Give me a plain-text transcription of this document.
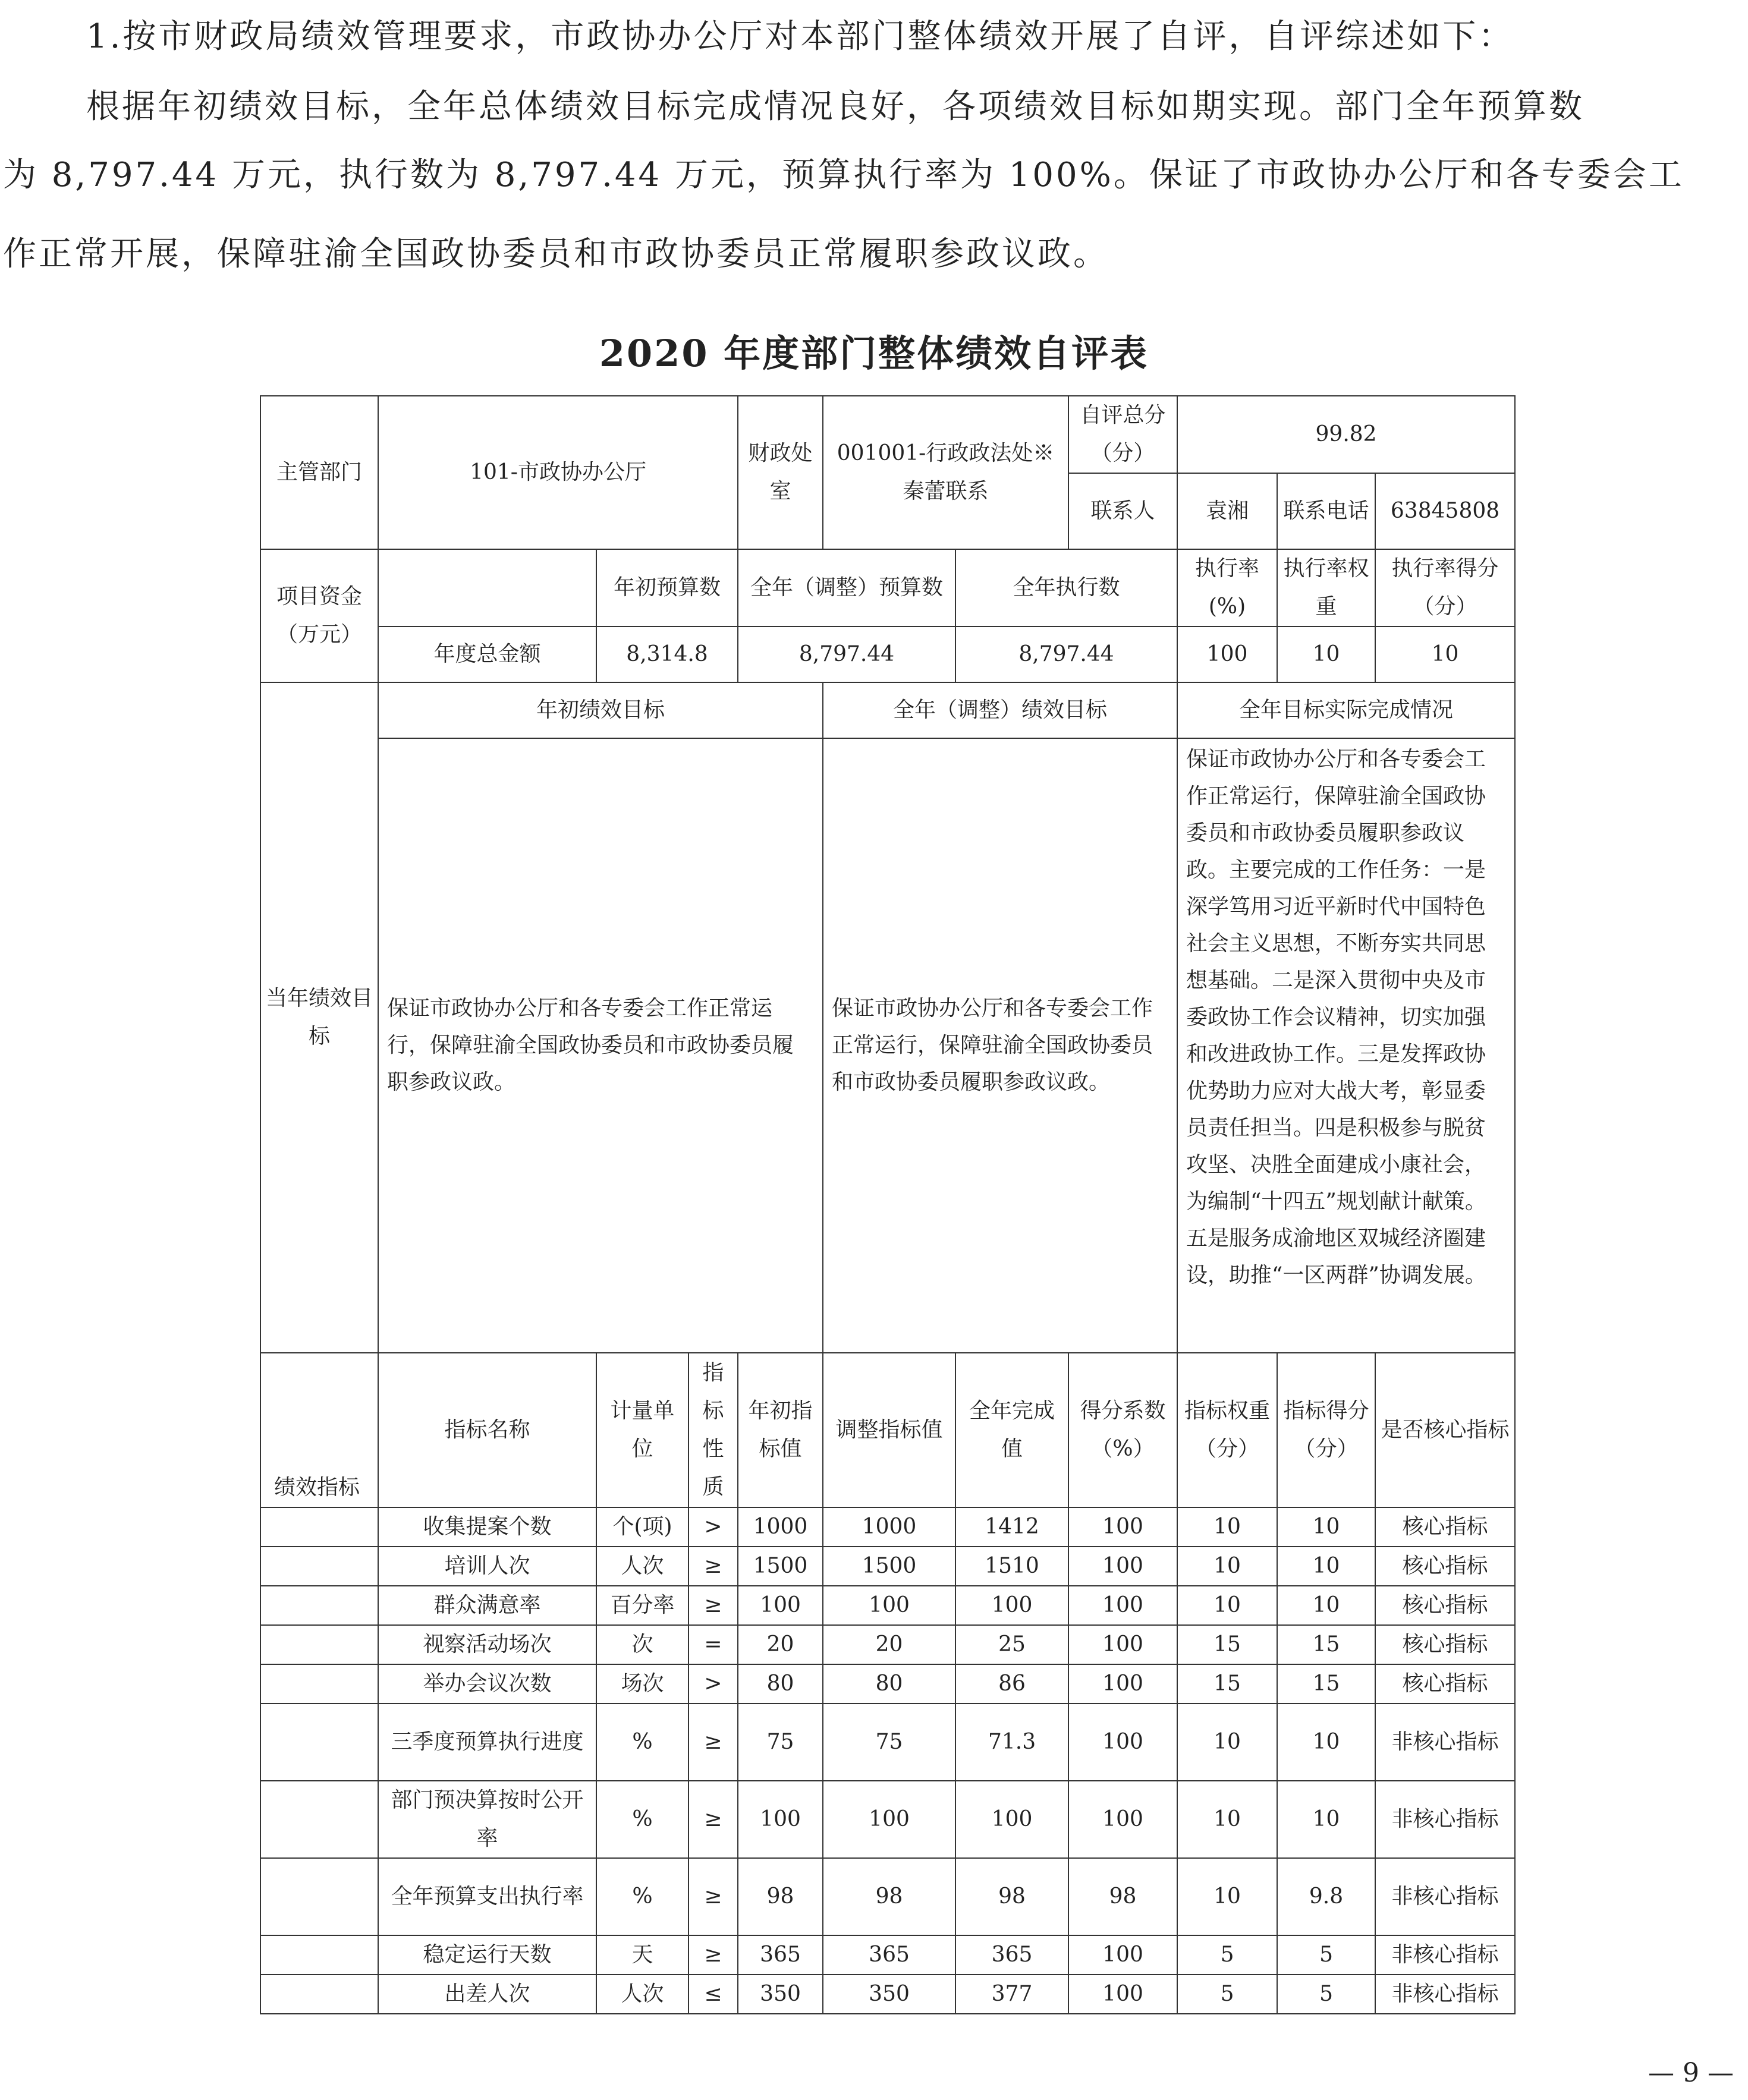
1.按市财政局绩效管理要求，市政协办公厅对本部门整体绩效开展了自评，自评综述如下：

根据年初绩效目标，全年总体绩效目标完成情况良好，各项绩效目标如期实现。部门全年预算数

为 8,797.44 万元，执行数为 8,797.44 万元，预算执行率为 100%。保证了市政协办公厅和各专委会工

作正常开展，保障驻渝全国政协委员和市政协委员正常履职参政议政。

2020 年度部门整体绩效自评表
主管部门	101-市政协办公厅			财政处室	001001-行政政法处※秦蕾联系		自评总分（分）	99.82		
							联系人	袁湘	联系电话	63845808
项目资金（万元）		年初预算数		全年（调整）预算数		全年执行数		执行率(%)	执行率权重	执行率得分（分）
	年度总金额	8,314.8		8,797.44		8,797.44		100	10	10
当年绩效目标	年初绩效目标				全年（调整）绩效目标			全年目标实际完成情况		
	保证市政协办公厅和各专委会工作正常运行，保障驻渝全国政协委员和市政协委员履职参政议政。				保证市政协办公厅和各专委会工作正常运行，保障驻渝全国政协委员和市政协委员履职参政议政。			保证市政协办公厅和各专委会工作正常运行，保障驻渝全国政协委员和市政协委员履职参政议政。主要完成的工作任务：一是深学笃用习近平新时代中国特色社会主义思想，不断夯实共同思想基础。二是深入贯彻中央及市委政协工作会议精神，切实加强和改进政协工作。三是发挥政协优势助力应对大战大考，彰显委员责任担当。四是积极参与脱贫攻坚、决胜全面建成小康社会，为编制“十四五”规划献计献策。五是服务成渝地区双城经济圈建设，助推“一区两群”协调发展。		
绩效指标	指标名称	计量单位	指标性质	年初指标值	调整指标值	全年完成值	得分系数（%）	指标权重（分）	指标得分（分）	是否核心指标
	收集提案个数	个(项)	>	1000	1000	1412	100	10	10	核心指标
	培训人次	人次	≥	1500	1500	1510	100	10	10	核心指标
	群众满意率	百分率	≥	100	100	100	100	10	10	核心指标
	视察活动场次	次	=	20	20	25	100	15	15	核心指标
	举办会议次数	场次	>	80	80	86	100	15	15	核心指标
	三季度预算执行进度	%	≥	75	75	71.3	100	10	10	非核心指标
	部门预决算按时公开率	%	≥	100	100	100	100	10	10	非核心指标
	全年预算支出执行率	%	≥	98	98	98	98	10	9.8	非核心指标
	稳定运行天数	天	≥	365	365	365	100	5	5	非核心指标
	出差人次	人次	≤	350	350	377	100	5	5	非核心指标
— 9 —
